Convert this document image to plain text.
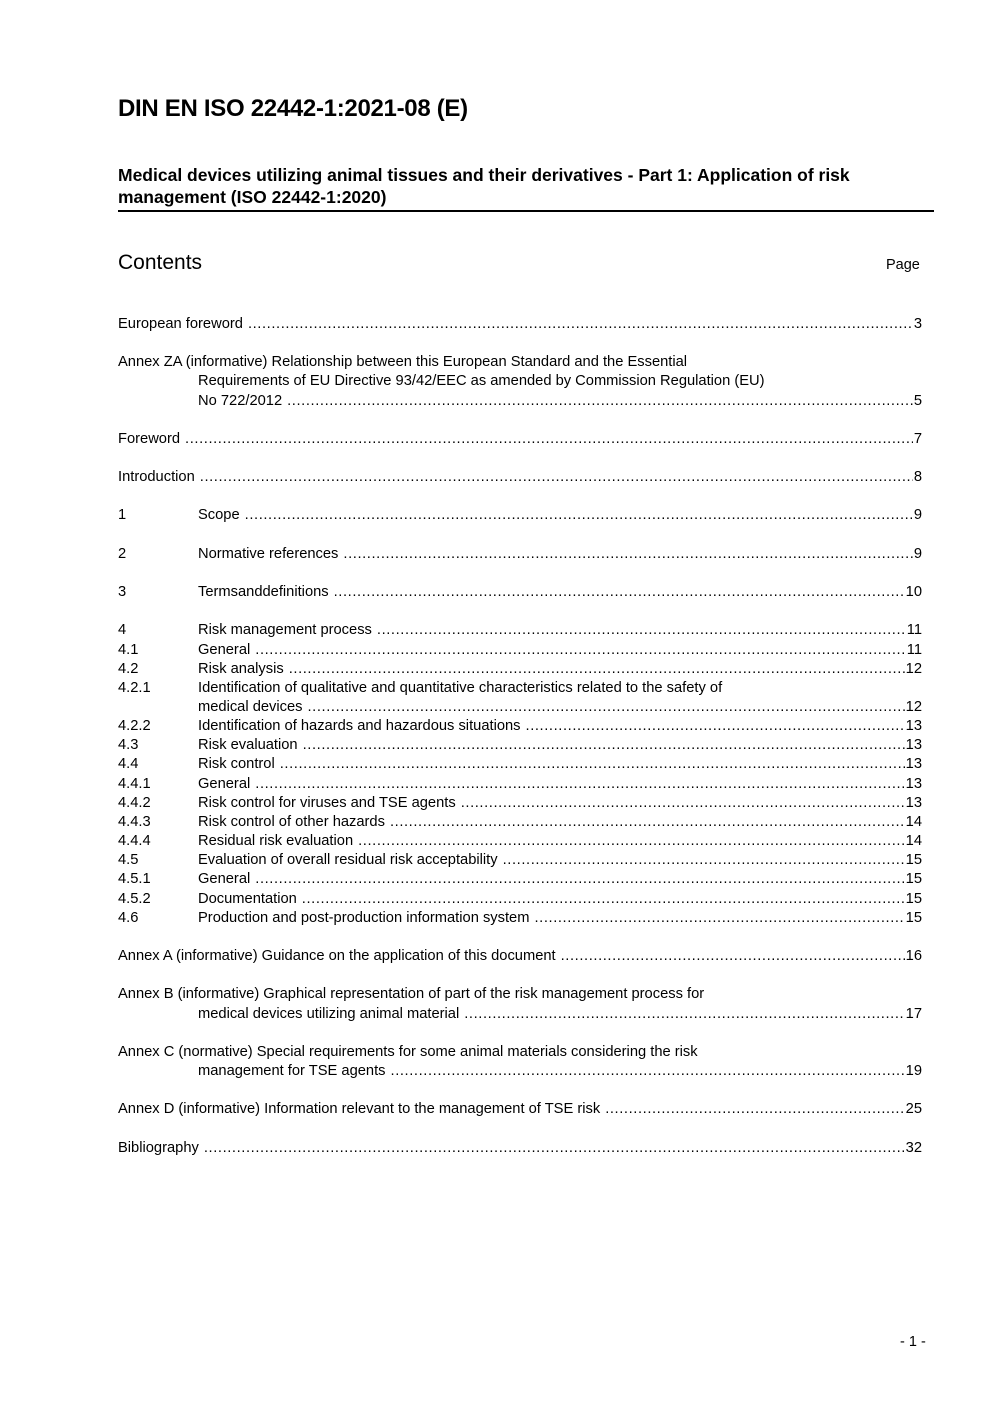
DIN EN ISO 22442-1:2021-08 (E)
Medical devices utilizing animal tissues and their derivatives - Part 1: Application of risk management (ISO 22442-1:2020)
Contents	Page
European foreword .....	3
Annex ZA (informative) Relationship between this European Standard and the Essential
Requirements of EU Directive 93/42/EEC as amended by Commission Regulation (EU)
No 722/2012 .....	5
Foreword .....	7
Introduction .....	8
1	Scope .....	9
2	Normative references .....	9
3	Termsanddefinitions .....	10
4	Risk management process .....	11
4.1	General .....	11
4.2	Risk analysis .....	12
4.2.1	Identification of qualitative and quantitative characteristics related to the safety of
medical devices .....	12
4.2.2	Identification of hazards and hazardous situations .....	13
4.3	Risk evaluation .....	13
4.4	Risk control .....	13
4.4.1	General .....	13
4.4.2	Risk control for viruses and TSE agents .....	13
4.4.3	Risk control of other hazards .....	14
4.4.4	Residual risk evaluation .....	14
4.5	Evaluation of overall residual risk acceptability .....	15
4.5.1	General .....	15
4.5.2	Documentation .....	15
4.6	Production and post-production information system .....	15
Annex A (informative) Guidance on the application of this document .....	16
Annex B (informative) Graphical representation of part of the risk management process for
medical devices utilizing animal material .....	17
Annex C (normative) Special requirements for some animal materials considering the risk
management for TSE agents .....	19
Annex D (informative) Information relevant to the management of TSE risk .....	25
Bibliography .....	32
- 1 -
